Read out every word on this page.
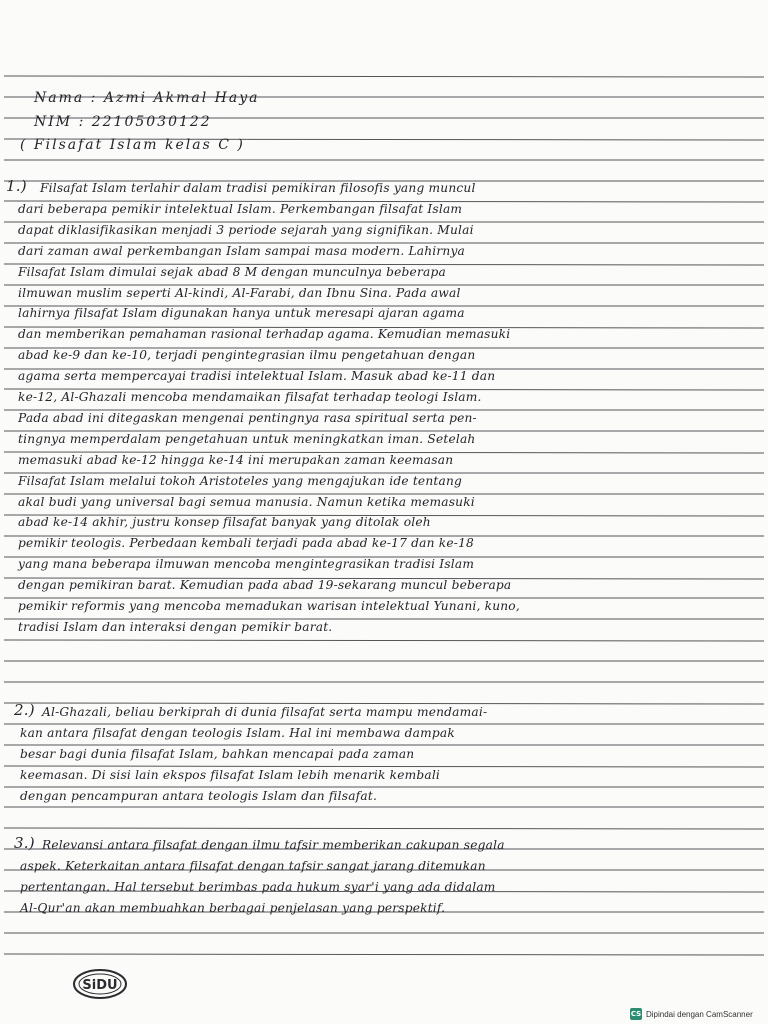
Nama : Azmi Akmal Haya
NIM : 22105030122
( Filsafat Islam kelas C )
1.) Filsafat Islam terlahir dalam tradisi pemikiran filosofis yang muncul
dari beberapa pemikir intelektual Islam. Perkembangan filsafat Islam
dapat diklasifikasikan menjadi 3 periode sejarah yang signifikan. Mulai
dari zaman awal perkembangan Islam sampai masa modern. Lahirnya
Filsafat Islam dimulai sejak abad 8 M dengan munculnya beberapa
ilmuwan muslim seperti Al-kindi, Al-Farabi, dan Ibnu Sina. Pada awal
lahirnya filsafat Islam digunakan hanya untuk meresapi ajaran agama
dan memberikan pemahaman rasional terhadap agama. Kemudian memasuki
abad ke-9 dan ke-10, terjadi pengintegrasian ilmu pengetahuan dengan
agama serta mempercayai tradisi intelektual Islam. Masuk abad ke-11 dan
ke-12, Al-Ghazali mencoba mendamaikan filsafat terhadap teologi Islam.
Pada abad ini ditegaskan mengenai pentingnya rasa spiritual serta pen-
tingnya memperdalam pengetahuan untuk meningkatkan iman. Setelah
memasuki abad ke-12 hingga ke-14 ini merupakan zaman keemasan
Filsafat Islam melalui tokoh Aristoteles yang mengajukan ide tentang
akal budi yang universal bagi semua manusia. Namun ketika memasuki
abad ke-14 akhir, justru konsep filsafat banyak yang ditolak oleh
pemikir teologis. Perbedaan kembali terjadi pada abad ke-17 dan ke-18
yang mana beberapa ilmuwan mencoba mengintegrasikan tradisi Islam
dengan pemikiran barat. Kemudian pada abad 19-sekarang muncul beberapa
pemikir reformis yang mencoba memadukan warisan intelektual Yunani, kuno,
tradisi Islam dan interaksi dengan pemikir barat.
2.) Al-Ghazali, beliau berkiprah di dunia filsafat serta mampu mendamai-
kan antara filsafat dengan teologis Islam. Hal ini membawa dampak
besar bagi dunia filsafat Islam, bahkan mencapai pada zaman
keemasan. Di sisi lain ekspos filsafat Islam lebih menarik kembali
dengan pencampuran antara teologis Islam dan filsafat.
3.) Relevansi antara filsafat dengan ilmu tafsir memberikan cakupan segala
aspek. Keterkaitan antara filsafat dengan tafsir sangat jarang ditemukan
pertentangan. Hal tersebut berimbas pada hukum syar'i yang ada didalam
Al-Qur'an akan membuahkan berbagai penjelasan yang perspektif.
SiDU
CS Dipindai dengan CamScanner
